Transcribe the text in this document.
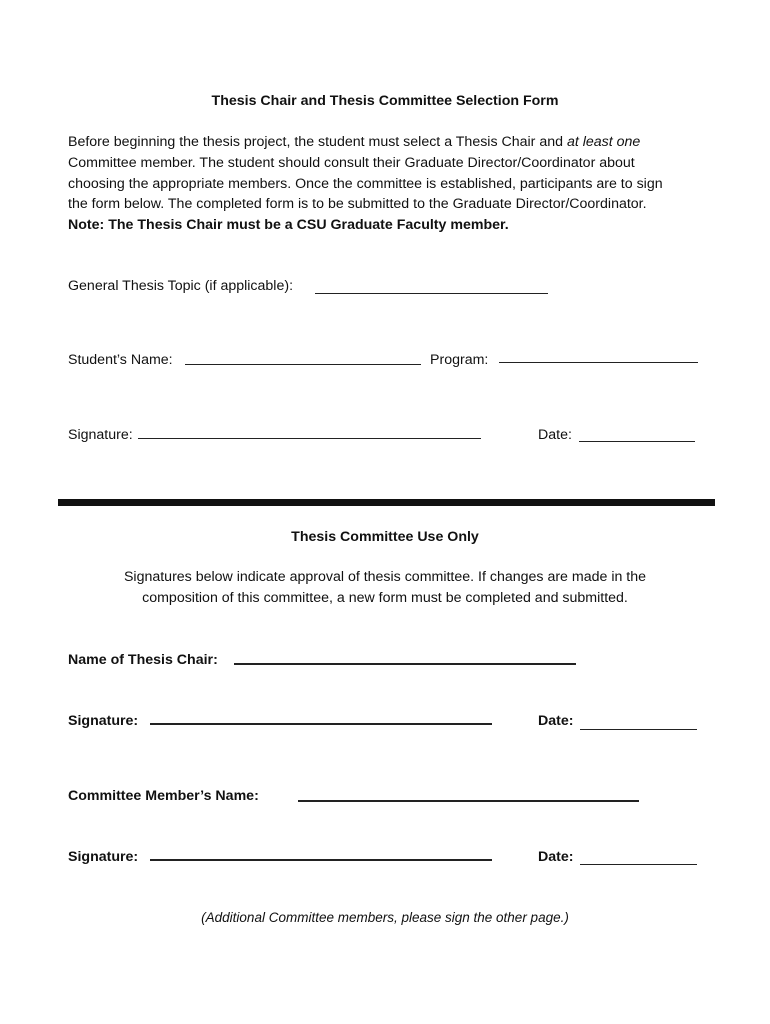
Thesis Chair and Thesis Committee Selection Form

Before beginning the thesis project, the student must select a Thesis Chair and at least one

Committee member. The student should consult their Graduate Director/Coordinator about

choosing the appropriate members. Once the committee is established, participants are to sign

the form below. The completed form is to be submitted to the Graduate Director/Coordinator.

Note: The Thesis Chair must be a CSU Graduate Faculty member.

General Thesis Topic (if applicable):
Student’s Name:	Program:
Signature:	Date:
Thesis Committee Use Only

Signatures below indicate approval of thesis committee. If changes are made in the

composition of this committee, a new form must be completed and submitted.

Name of Thesis Chair:
Signature:	Date:
Committee Member’s Name:
Signature:	Date:
(Additional Committee members, please sign the other page.)
